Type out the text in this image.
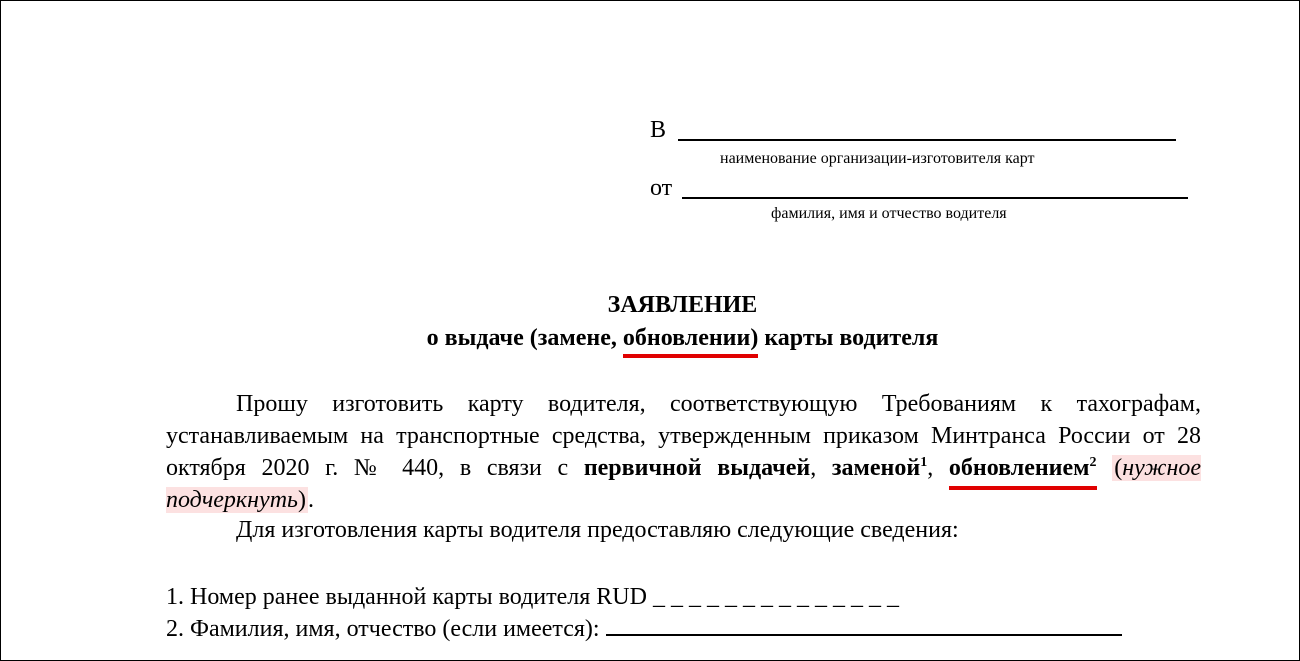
В
наименование организации-изготовителя карт
от
фамилия, имя и отчество водителя
ЗАЯВЛЕНИЕ
о выдаче (замене, обновлении) карты водителя
Прошу изготовить карту водителя, соответствующую Требованиям к тахографам, устанавливаемым на транспортные средства, утвержденным приказом Минтранса России от 28 октября 2020 г. № 440, в связи с первичной выдачей, заменой$^1$, обновлением$^2$ (нужное подчеркнуть).
Для изготовления карты водителя предоставляю следующие сведения:
1. Номер ранее выданной карты водителя RUD _ _ _ _ _ _ _ _ _ _ _ _ _ _
2. Фамилия, имя, отчество (если имеется):
